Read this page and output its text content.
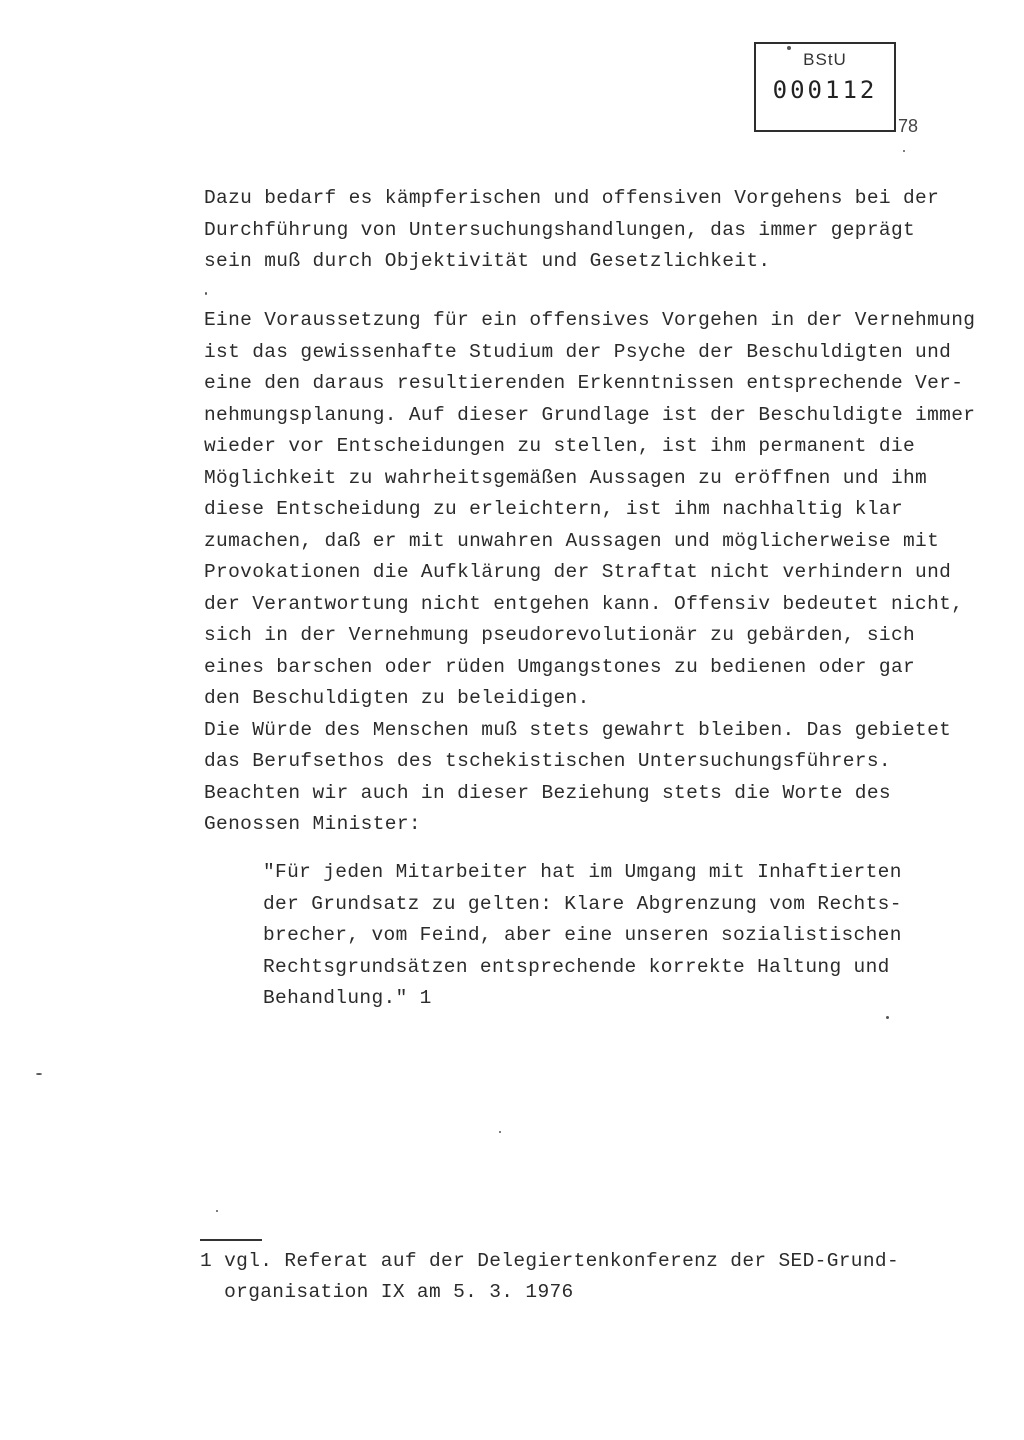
BStU
000112
78

Dazu bedarf es kämpferischen und offensiven Vorgehens bei der
Durchführung von Untersuchungshandlungen, das immer geprägt
sein muß durch Objektivität und Gesetzlichkeit.

Eine Voraussetzung für ein offensives Vorgehen in der Vernehmung
ist das gewissenhafte Studium der Psyche der Beschuldigten und
eine den daraus resultierenden Erkenntnissen entsprechende Ver-
nehmungsplanung. Auf dieser Grundlage ist der Beschuldigte immer
wieder vor Entscheidungen zu stellen, ist ihm permanent die
Möglichkeit zu wahrheitsgemäßen Aussagen zu eröffnen und ihm
diese Entscheidung zu erleichtern, ist ihm nachhaltig klar
zumachen, daß er mit unwahren Aussagen und möglicherweise mit
Provokationen die Aufklärung der Straftat nicht verhindern und
der Verantwortung nicht entgehen kann. Offensiv bedeutet nicht,
sich in der Vernehmung pseudorevolutionär zu gebärden, sich
eines barschen oder rüden Umgangstones zu bedienen oder gar
den Beschuldigten zu beleidigen.
Die Würde des Menschen muß stets gewahrt bleiben. Das gebietet
das Berufsethos des tschekistischen Untersuchungsführers.
Beachten wir auch in dieser Beziehung stets die Worte des
Genossen Minister:

"Für jeden Mitarbeiter hat im Umgang mit Inhaftierten
der Grundsatz zu gelten: Klare Abgrenzung vom Rechts-
brecher, vom Feind, aber eine unseren sozialistischen
Rechtsgrundsätzen entsprechende korrekte Haltung und
Behandlung." 1

1 vgl. Referat auf der Delegiertenkonferenz der SED-Grund-
organisation IX am 5. 3. 1976
